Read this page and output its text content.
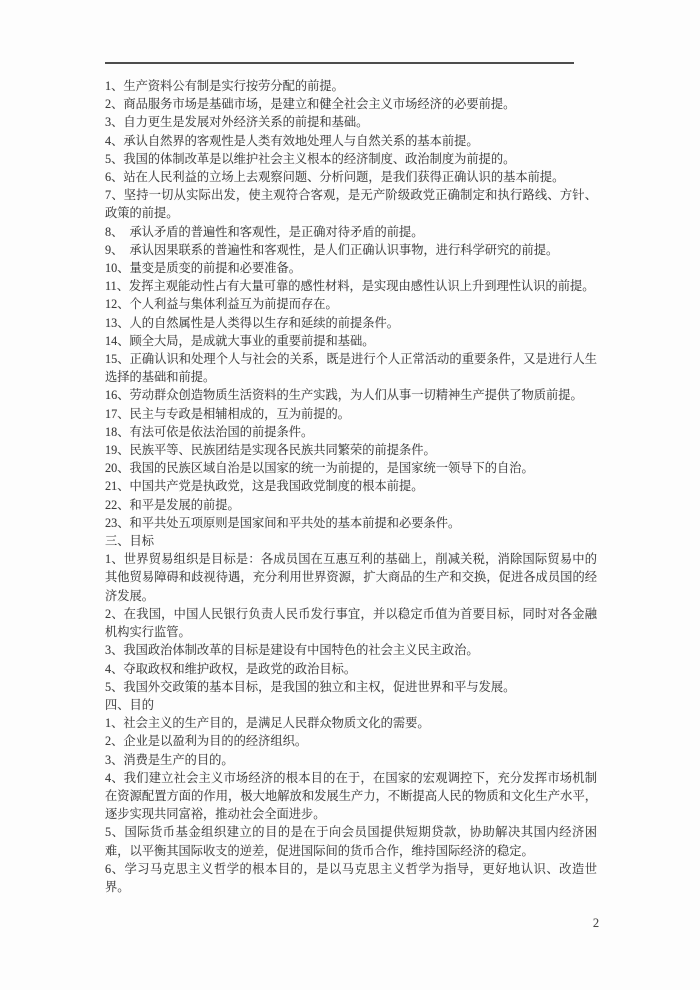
1、生产资料公有制是实行按劳分配的前提。

2、商品服务市场是基础市场，是建立和健全社会主义市场经济的必要前提。

3、自力更生是发展对外经济关系的前提和基础。

4、承认自然界的客观性是人类有效地处理人与自然关系的基本前提。

5、我国的体制改革是以维护社会主义根本的经济制度、政治制度为前提的。

6、站在人民利益的立场上去观察问题、分析问题，是我们获得正确认识的基本前提。

7、坚持一切从实际出发，使主观符合客观，是无产阶级政党正确制定和执行路线、方针、政策的前提。

8、　承认矛盾的普遍性和客观性，是正确对待矛盾的前提。

9、　承认因果联系的普遍性和客观性，是人们正确认识事物，进行科学研究的前提。

10、量变是质变的前提和必要准备。

11、发挥主观能动性占有大量可靠的感性材料，是实现由感性认识上升到理性认识的前提。

12、个人利益与集体利益互为前提而存在。

13、人的自然属性是人类得以生存和延续的前提条件。

14、顾全大局，是成就大事业的重要前提和基础。

15、正确认识和处理个人与社会的关系，既是进行个人正常活动的重要条件，又是进行人生选择的基础和前提。

16、劳动群众创造物质生活资料的生产实践，为人们从事一切精神生产提供了物质前提。

17、民主与专政是相辅相成的，互为前提的。

18、有法可依是依法治国的前提条件。

19、民族平等、民族团结是实现各民族共同繁荣的前提条件。

20、我国的民族区域自治是以国家的统一为前提的，是国家统一领导下的自治。

21、中国共产党是执政党，这是我国政党制度的根本前提。

22、和平是发展的前提。

23、和平共处五项原则是国家间和平共处的基本前提和必要条件。

三、目标

1、世界贸易组织是目标是：各成员国在互惠互利的基础上，削减关税，消除国际贸易中的其他贸易障碍和歧视待遇，充分利用世界资源，扩大商品的生产和交换，促进各成员国的经济发展。

2、在我国，中国人民银行负责人民币发行事宜，并以稳定币值为首要目标，同时对各金融机构实行监管。

3、我国政治体制改革的目标是建设有中国特色的社会主义民主政治。

4、夺取政权和维护政权，是政党的政治目标。

5、我国外交政策的基本目标，是我国的独立和主权，促进世界和平与发展。

四、目的

1、社会主义的生产目的，是满足人民群众物质文化的需要。

2、企业是以盈利为目的的经济组织。

3、消费是生产的目的。

4、我们建立社会主义市场经济的根本目的在于，在国家的宏观调控下，充分发挥市场机制在资源配置方面的作用，极大地解放和发展生产力，不断提高人民的物质和文化生产水平，逐步实现共同富裕，推动社会全面进步。

5、国际货币基金组织建立的目的是在于向会员国提供短期贷款，协助解决其国内经济困难，以平衡其国际收支的逆差，促进国际间的货币合作，维持国际经济的稳定。

6、学习马克思主义哲学的根本目的，是以马克思主义哲学为指导，更好地认识、改造世界。

2
